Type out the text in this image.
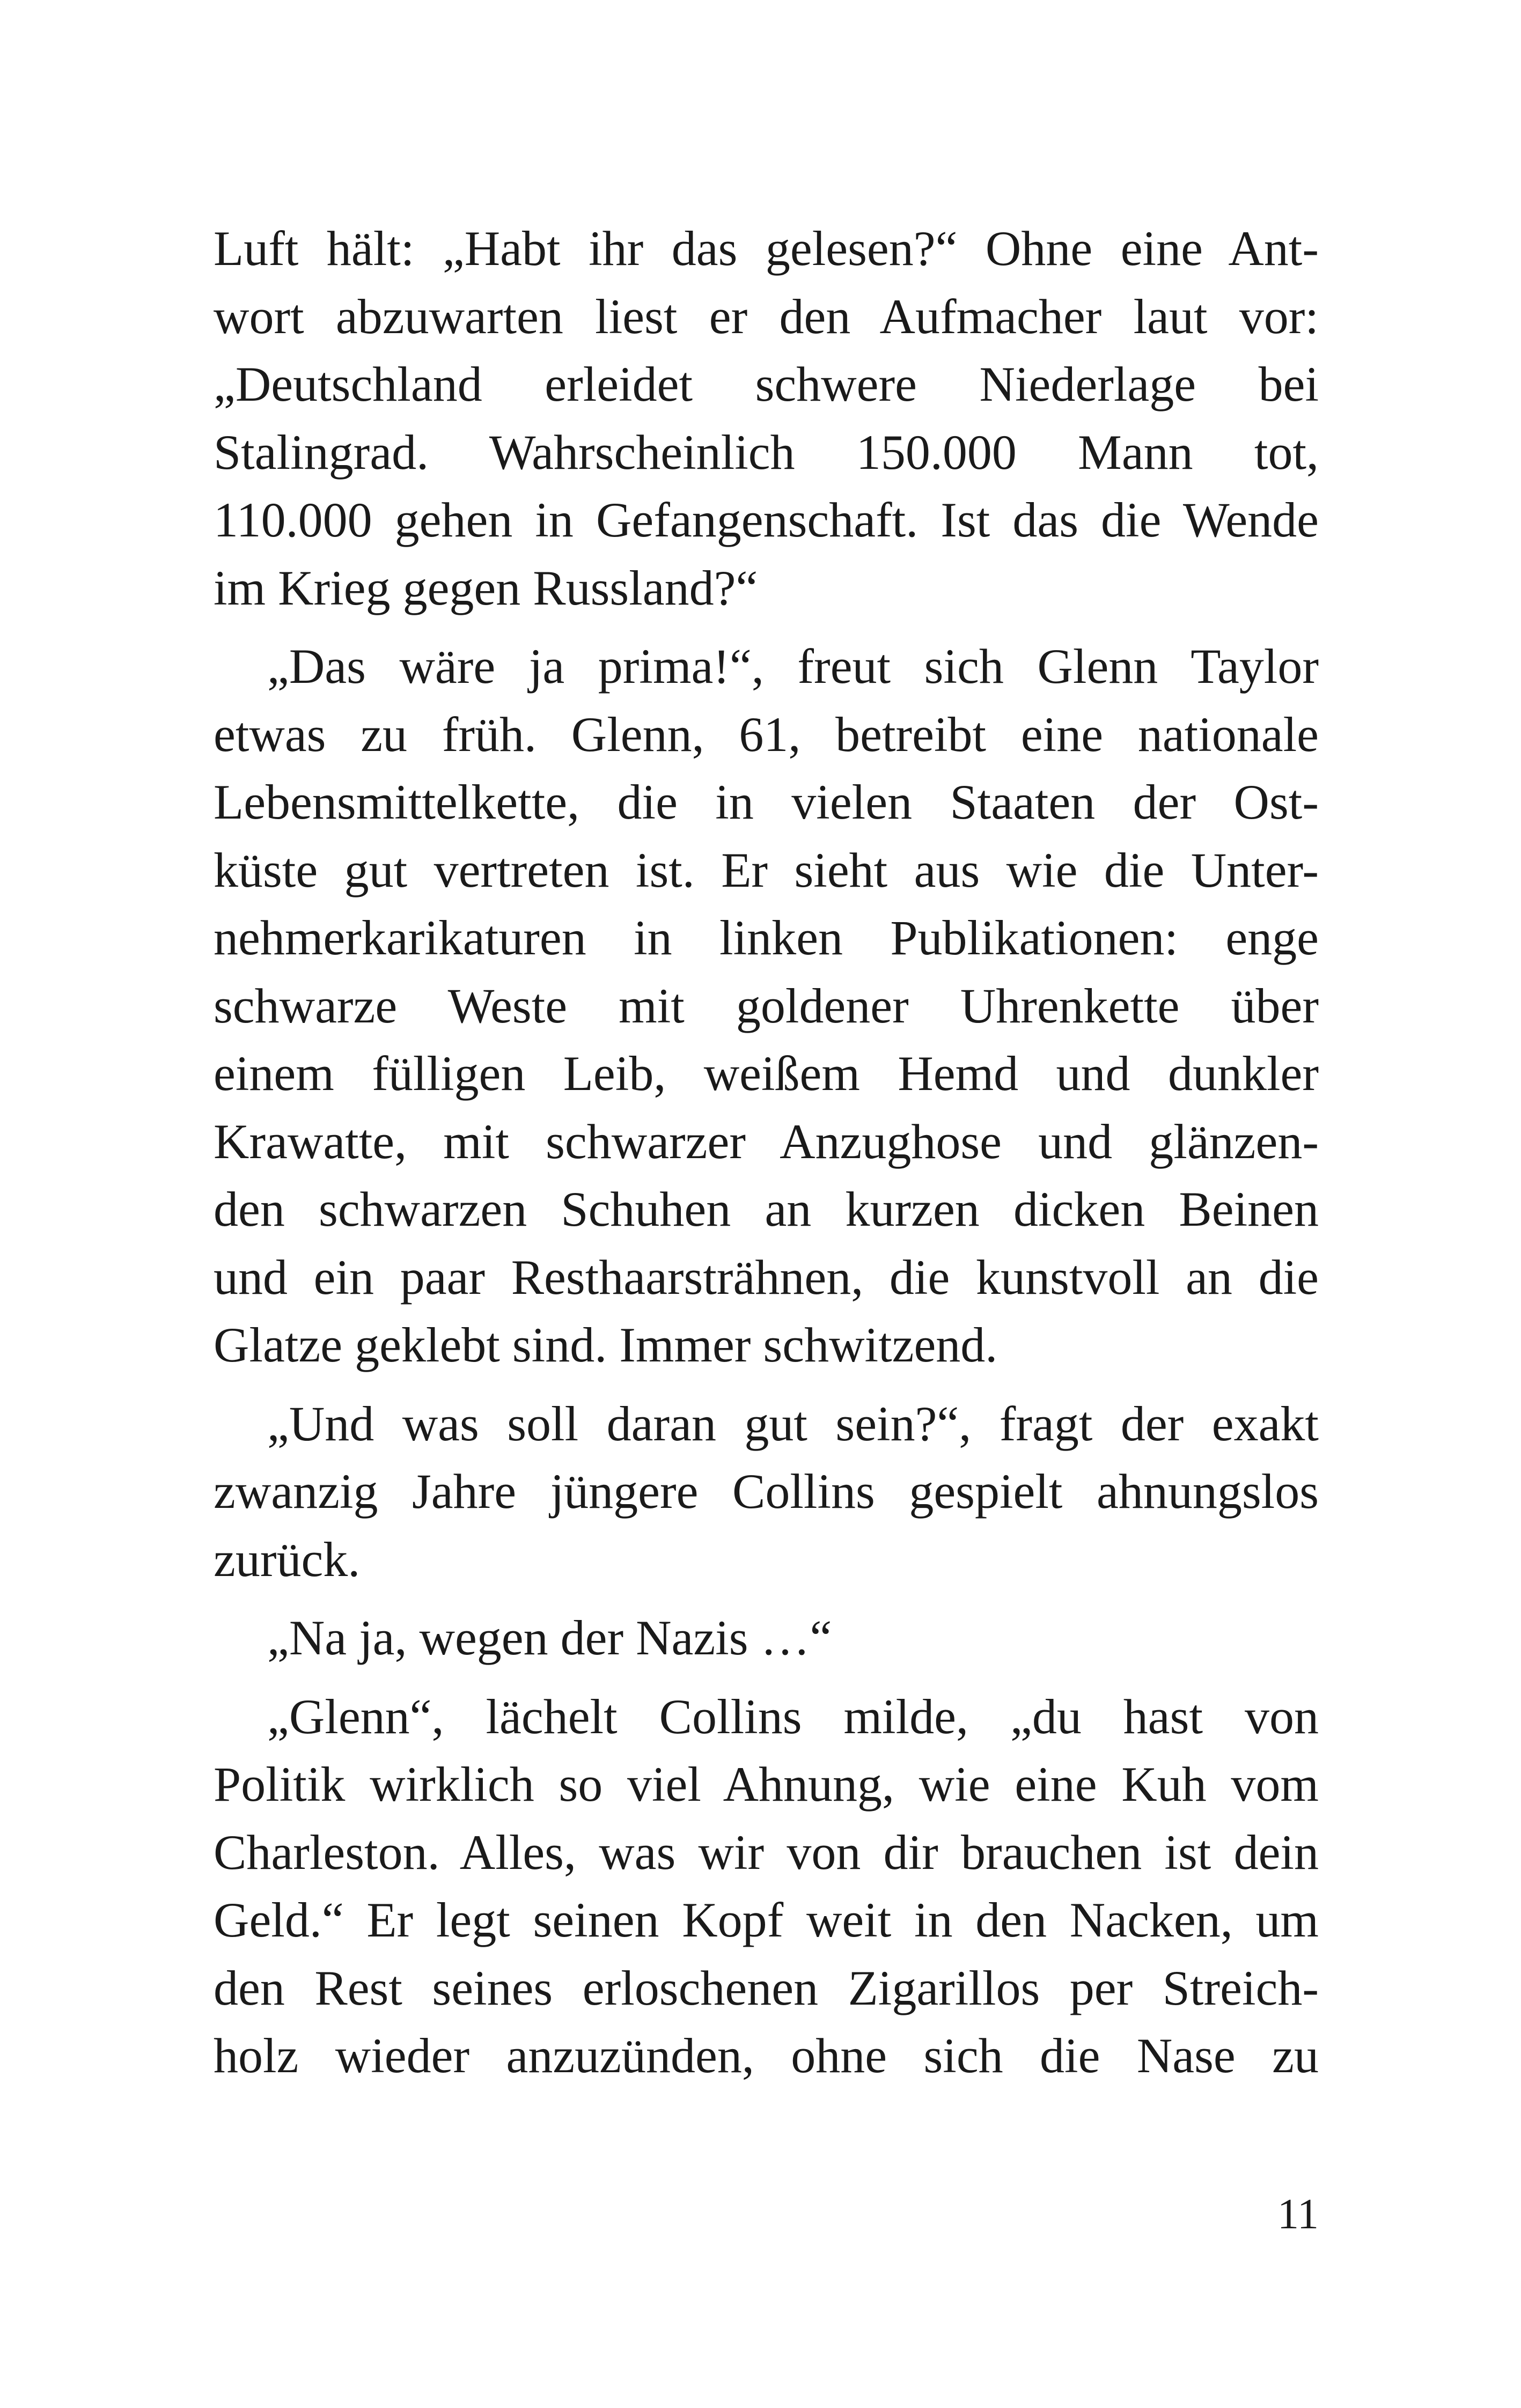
Luft hält: „Habt ihr das gelesen?“ Ohne eine Ant-
wort abzuwarten liest er den Aufmacher laut vor:
„Deutschland erleidet schwere Niederlage bei
Stalingrad. Wahrscheinlich 150.000 Mann tot,
110.000 gehen in Gefangenschaft. Ist das die Wende
im Krieg gegen Russland?“
„Das wäre ja prima!“, freut sich Glenn Taylor
etwas zu früh. Glenn, 61, betreibt eine nationale
Lebensmittelkette, die in vielen Staaten der Ost-
küste gut vertreten ist. Er sieht aus wie die Unter-
nehmerkarikaturen in linken Publikationen: enge
schwarze Weste mit goldener Uhrenkette über
einem fülligen Leib, weißem Hemd und dunkler
Krawatte, mit schwarzer Anzughose und glänzen-
den schwarzen Schuhen an kurzen dicken Beinen
und ein paar Resthaarsträhnen, die kunstvoll an die
Glatze geklebt sind. Immer schwitzend.
„Und was soll daran gut sein?“, fragt der exakt
zwanzig Jahre jüngere Collins gespielt ahnungslos
zurück.
„Na ja, wegen der Nazis …“
„Glenn“, lächelt Collins milde, „du hast von
Politik wirklich so viel Ahnung, wie eine Kuh vom
Charleston. Alles, was wir von dir brauchen ist dein
Geld.“ Er legt seinen Kopf weit in den Nacken, um
den Rest seines erloschenen Zigarillos per Streich-
holz wieder anzuzünden, ohne sich die Nase zu
11
